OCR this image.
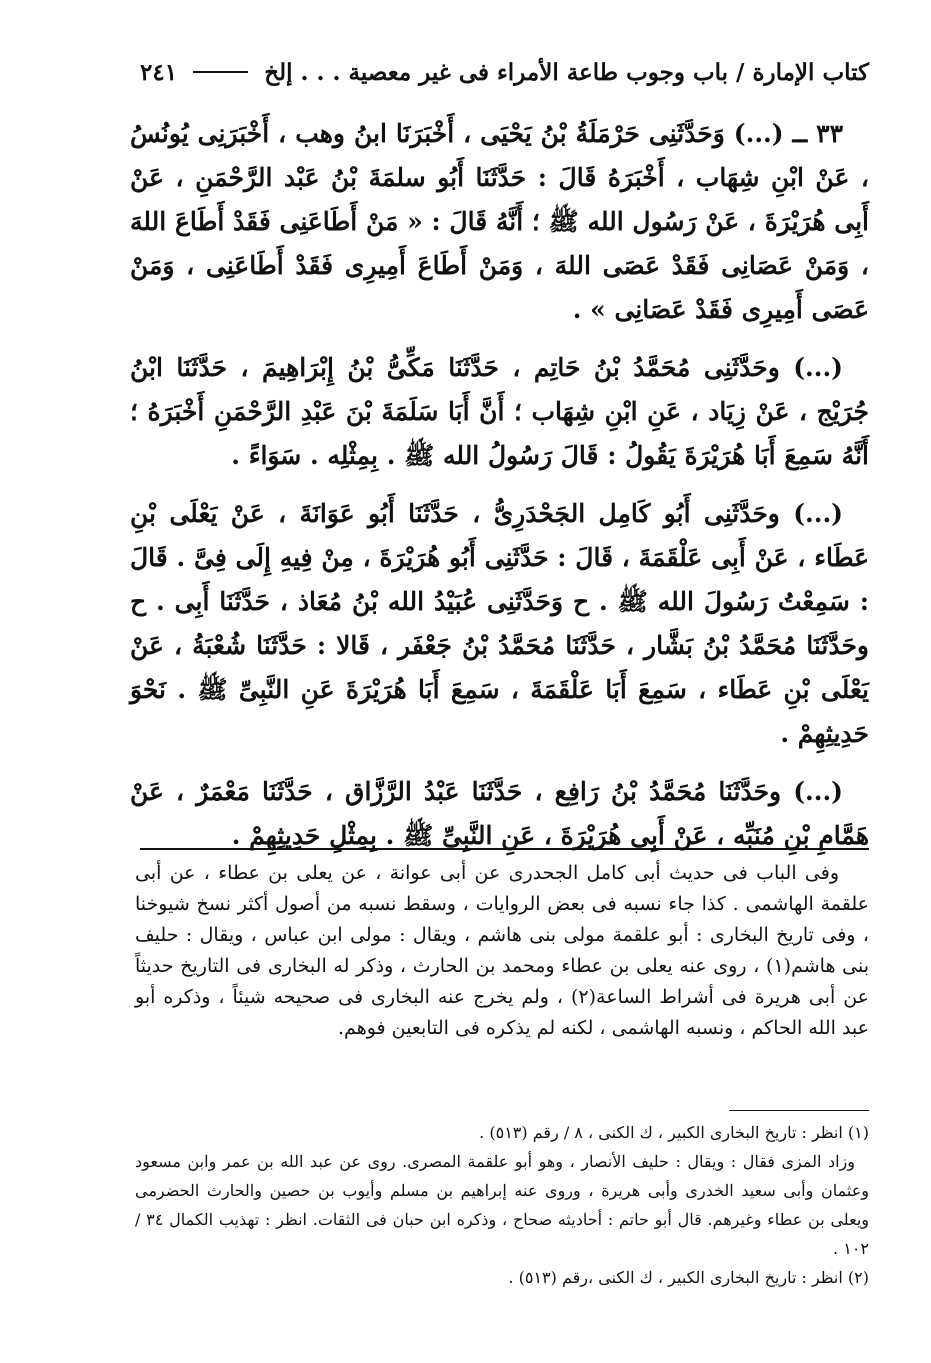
كتاب الإمارة / باب وجوب طاعة الأمراء فى غير معصية . . . إلخ
٢٤١

٣٣ ــ (...) وَحَدَّثَنِى حَرْمَلَةُ بْنُ يَحْيَى ، أَخْبَرَنَا ابنُ وهب ، أَخْبَرَنِى يُونُسُ ، عَنْ ابْنِ شِهَاب ، أَخْبَرَهُ قَالَ : حَدَّثَنَا أَبُو سلمَةَ بْنُ عَبْد الرَّحْمَنِ ، عَنْ أَبِى هُرَيْرَةَ ، عَنْ رَسُول الله ﷺ ؛ أَنَّهُ قَالَ : « مَنْ أَطَاعَنِى فَقَدْ أَطَاعَ اللهَ ، وَمَنْ عَصَانِى فَقَدْ عَصَى اللهَ ، وَمَنْ أَطَاعَ أَمِيرِى فَقَدْ أَطَاعَنِى ، وَمَنْ عَصَى أَمِيرِى فَقَدْ عَصَانِى » .

(...) وحَدَّثَنِى مُحَمَّدُ بْنُ حَاتِم ، حَدَّثَنَا مَكِّىُّ بْنُ إِبْرَاهِيمَ ، حَدَّثَنَا ابْنُ جُرَيْج ، عَنْ زِيَاد ، عَنِ ابْنِ شِهَاب ؛ أَنَّ أَبَا سَلَمَةَ بْنَ عَبْدِ الرَّحْمَنِ أَخْبَرَهُ ؛ أَنَّهُ سَمِعَ أَبَا هُرَيْرَةَ يَقُولُ : قَالَ رَسُولُ الله ﷺ . بِمِثْلِه . سَوَاءً .

(...) وحَدَّثَنِى أَبُو كَامِل الجَحْدَرِىُّ ، حَدَّثَنَا أَبُو عَوَانَةَ ، عَنْ يَعْلَى بْنِ عَطَاء ، عَنْ أَبِى عَلْقَمَةَ ، قَالَ : حَدَّثَنِى أَبُو هُرَيْرَةَ ، مِنْ فِيهِ إِلَى فِىَّ . قَالَ : سَمِعْتُ رَسُولَ الله ﷺ . ح وَحَدَّثَنِى عُبَيْدُ الله بْنُ مُعَاذ ، حَدَّثَنَا أَبِى . ح وحَدَّثَنَا مُحَمَّدُ بْنُ بَشَّار ، حَدَّثَنَا مُحَمَّدُ بْنُ جَعْفَر ، قَالا : حَدَّثَنَا شُعْبَةُ ، عَنْ يَعْلَى بْنِ عَطَاء ، سَمِعَ أَبَا عَلْقَمَةَ ، سَمِعَ أَبَا هُرَيْرَةَ عَنِ النَّبِىِّ ﷺ . نَحْوَ حَدِيثِهِمْ .

(...) وحَدَّثَنَا مُحَمَّدُ بْنُ رَافِع ، حَدَّثَنَا عَبْدُ الرَّزَّاق ، حَدَّثَنَا مَعْمَرٌ ، عَنْ هَمَّامِ بْنِ مُنَبِّه ، عَنْ أَبِى هُرَيْرَةَ ، عَنِ النَّبِىِّ ﷺ . بِمِثْلِ حَدِيثِهِمْ .

وفى الباب فى حديث أبى كامل الجحدرى عن أبى عوانة ، عن يعلى بن عطاء ، عن أبى علقمة الهاشمى . كذا جاء نسبه فى بعض الروايات ، وسقط نسبه من أصول أكثر نسخ شيوخنا ، وفى تاريخ البخارى : أبو علقمة مولى بنى هاشم ، ويقال : مولى ابن عباس ، ويقال : حليف بنى هاشم(١) ، روى عنه يعلى بن عطاء ومحمد بن الحارث ، وذكر له البخارى فى التاريخ حديثاً عن أبى هريرة فى أشراط الساعة(٢) ، ولم يخرج عنه البخارى فى صحيحه شيئاً ، وذكره أبو عبد الله الحاكم ، ونسبه الهاشمى ، لكنه لم يذكره فى التابعين فوهم.

(١) انظر : تاريخ البخارى الكبير ، ك الكنى ، ٨ / رقم (٥١٣) .

وزاد المزى فقال : ويقال : حليف الأنصار ، وهو أبو علقمة المصرى. روى عن عبد الله بن عمر وابن مسعود وعثمان وأبى سعيد الخدرى وأبى هريرة ، وروى عنه إبراهيم بن مسلم وأيوب بن حصين والحارث الحضرمى ويعلى بن عطاء وغيرهم. قال أبو حاتم : أحاديثه صحاح ، وذكره ابن حبان فى الثقات. انظر : تهذيب الكمال ٣٤ / ١٠٢ .

(٢) انظر : تاريخ البخارى الكبير ، ك الكنى ،رقم (٥١٣) .
